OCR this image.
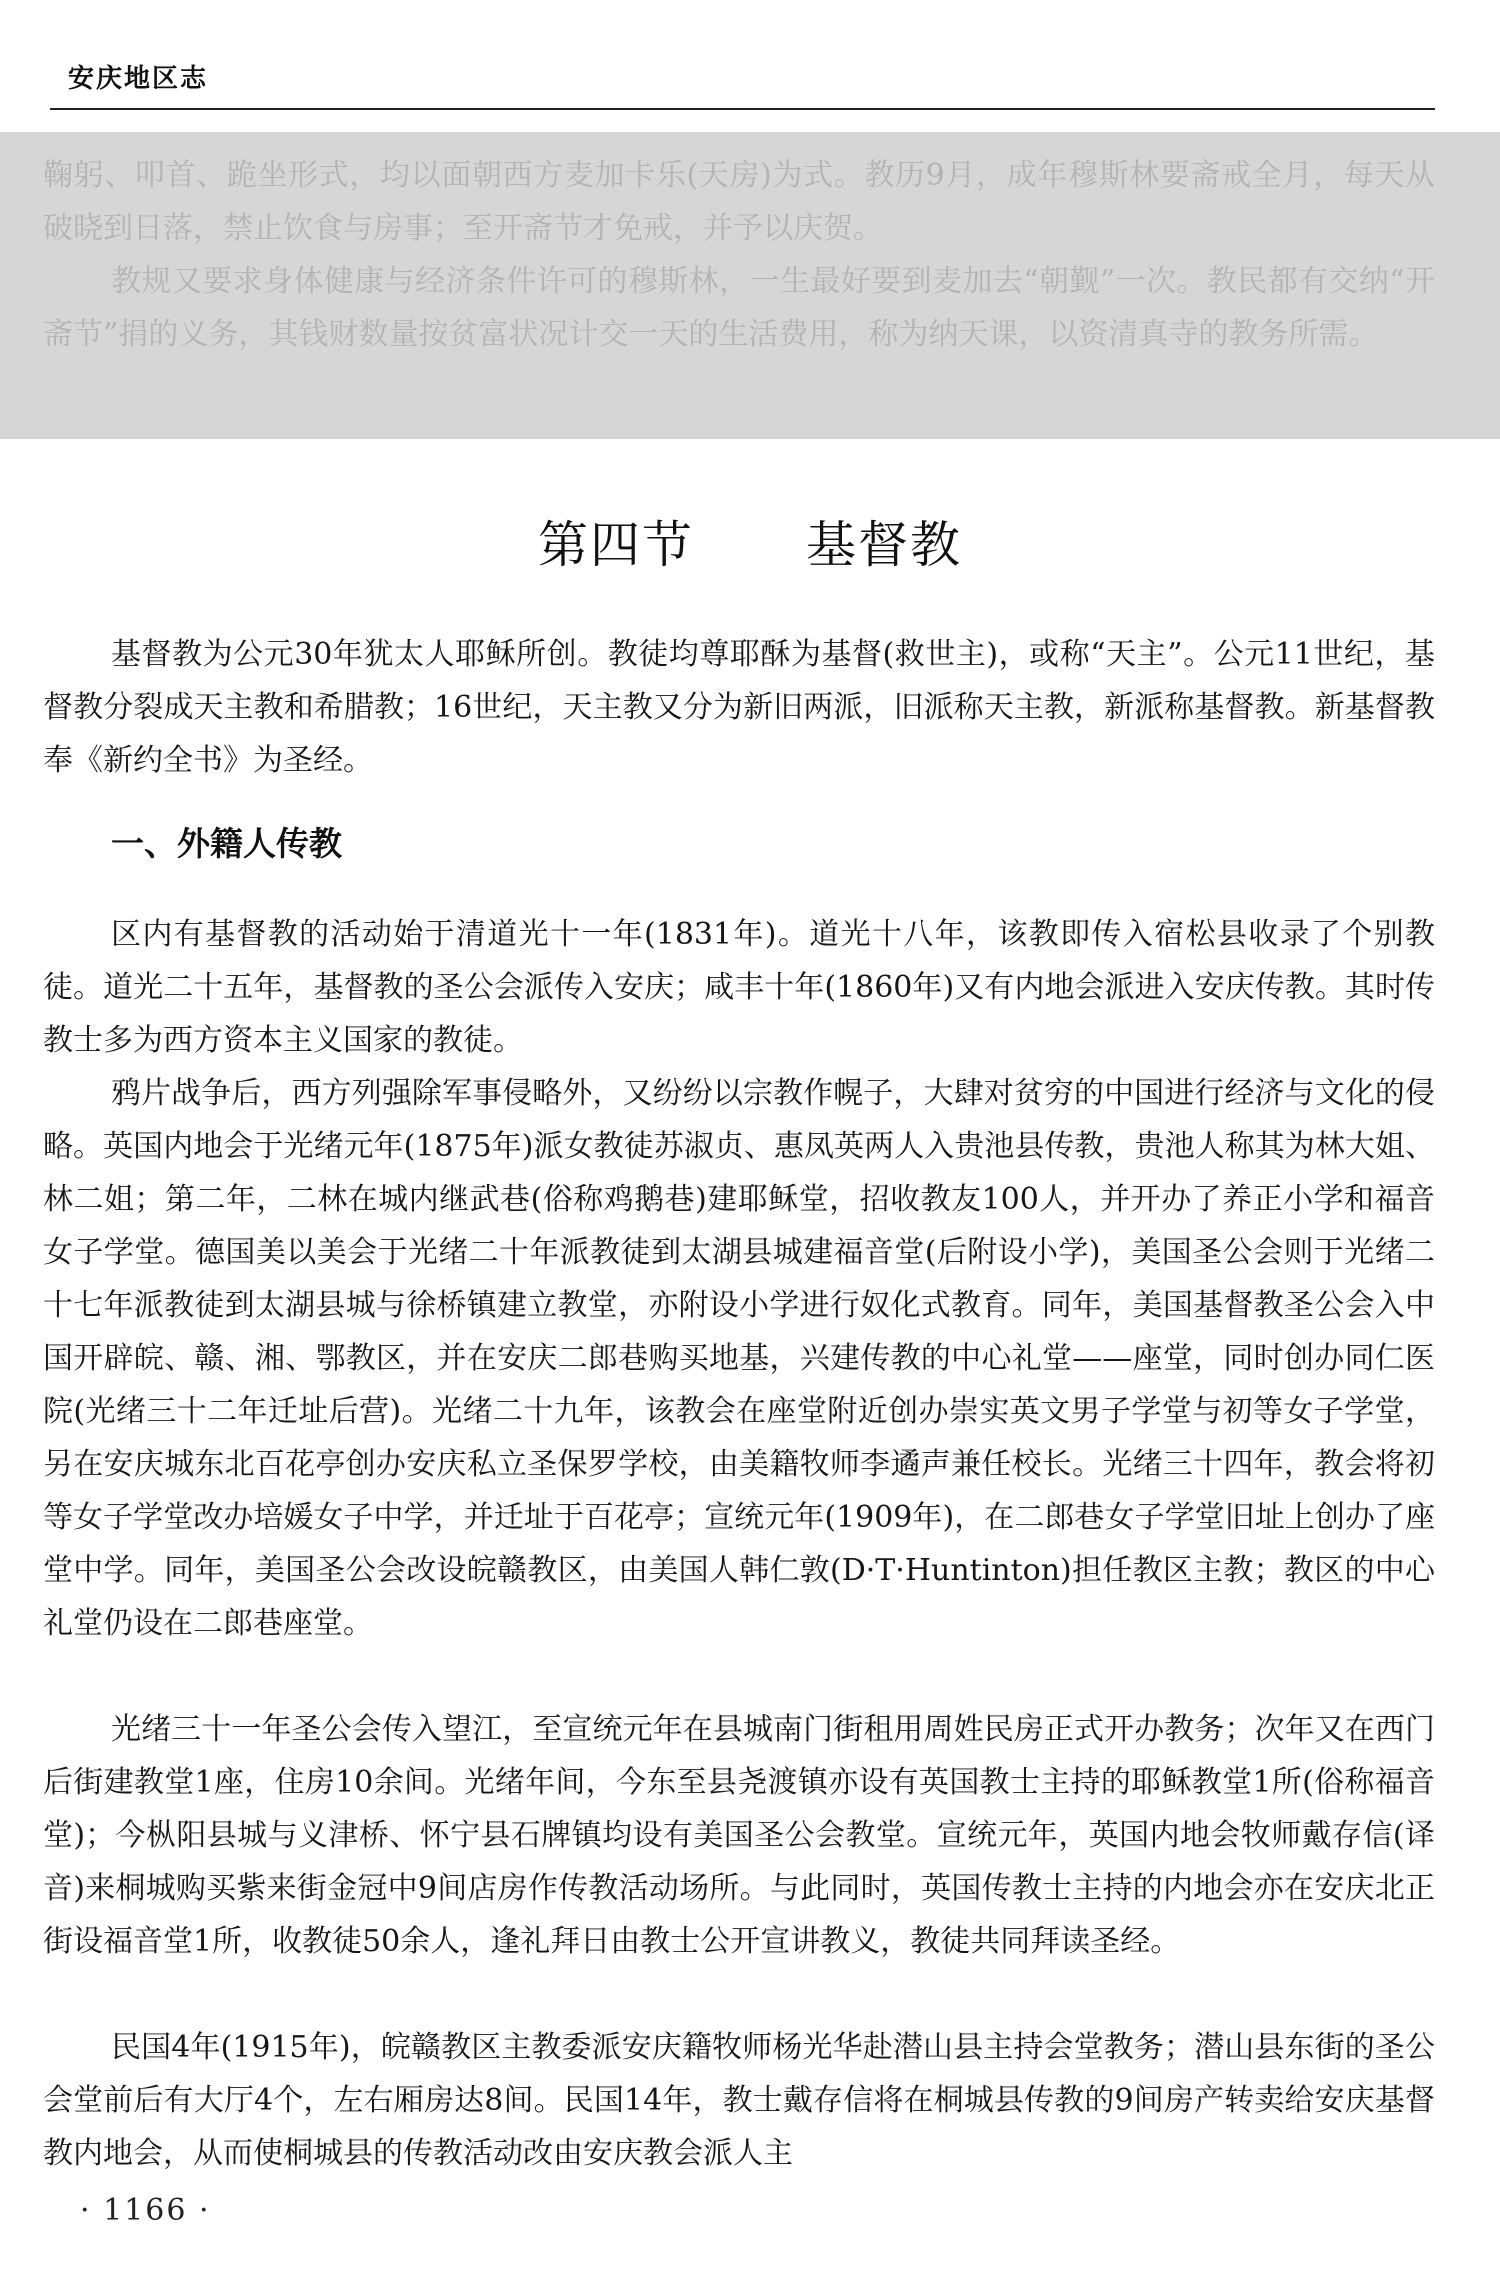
安庆地区志

鞠躬、叩首、跪坐形式，均以面朝西方麦加卡乐(天房)为式。教历9月，成年穆斯林要斋戒全月，每天从破晓到日落，禁止饮食与房事；至开斋节才免戒，并予以庆贺。

教规又要求身体健康与经济条件许可的穆斯林，一生最好要到麦加去“朝觐”一次。教民都有交纳“开斋节”捐的义务，其钱财数量按贫富状况计交一天的生活费用，称为纳天课，以资清真寺的教务所需。

第四节 基督教

基督教为公元30年犹太人耶稣所创。教徒均尊耶酥为基督(救世主)，或称“天主”。公元11世纪，基督教分裂成天主教和希腊教；16世纪，天主教又分为新旧两派，旧派称天主教，新派称基督教。新基督教奉《新约全书》为圣经。

一、外籍人传教

区内有基督教的活动始于清道光十一年(1831年)。道光十八年，该教即传入宿松县收录了个别教徒。道光二十五年，基督教的圣公会派传入安庆；咸丰十年(1860年)又有内地会派进入安庆传教。其时传教士多为西方资本主义国家的教徒。

鸦片战争后，西方列强除军事侵略外，又纷纷以宗教作幌子，大肆对贫穷的中国进行经济与文化的侵略。英国内地会于光绪元年(1875年)派女教徒苏淑贞、惠凤英两人入贵池县传教，贵池人称其为林大姐、林二姐；第二年，二林在城内继武巷(俗称鸡鹅巷)建耶稣堂，招收教友100人，并开办了养正小学和福音女子学堂。德国美以美会于光绪二十年派教徒到太湖县城建福音堂(后附设小学)，美国圣公会则于光绪二十七年派教徒到太湖县城与徐桥镇建立教堂，亦附设小学进行奴化式教育。同年，美国基督教圣公会入中国开辟皖、赣、湘、鄂教区，并在安庆二郎巷购买地基，兴建传教的中心礼堂——座堂，同时创办同仁医院(光绪三十二年迁址后营)。光绪二十九年，该教会在座堂附近创办崇实英文男子学堂与初等女子学堂，另在安庆城东北百花亭创办安庆私立圣保罗学校，由美籍牧师李遹声兼任校长。光绪三十四年，教会将初等女子学堂改办培媛女子中学，并迁址于百花亭；宣统元年(1909年)，在二郎巷女子学堂旧址上创办了座堂中学。同年，美国圣公会改设皖赣教区，由美国人韩仁敦(D·T·Huntinton)担任教区主教；教区的中心礼堂仍设在二郎巷座堂。

光绪三十一年圣公会传入望江，至宣统元年在县城南门街租用周姓民房正式开办教务；次年又在西门后街建教堂1座，住房10余间。光绪年间，今东至县尧渡镇亦设有英国教士主持的耶稣教堂1所(俗称福音堂)；今枞阳县城与义津桥、怀宁县石牌镇均设有美国圣公会教堂。宣统元年，英国内地会牧师戴存信(译音)来桐城购买紫来街金冠中9间店房作传教活动场所。与此同时，英国传教士主持的内地会亦在安庆北正街设福音堂1所，收教徒50余人，逢礼拜日由教士公开宣讲教义，教徒共同拜读圣经。

民国4年(1915年)，皖赣教区主教委派安庆籍牧师杨光华赴潜山县主持会堂教务；潜山县东街的圣公会堂前后有大厅4个，左右厢房达8间。民国14年，教士戴存信将在桐城县传教的9间房产转卖给安庆基督教内地会，从而使桐城县的传教活动改由安庆教会派人主

· 1166 ·
